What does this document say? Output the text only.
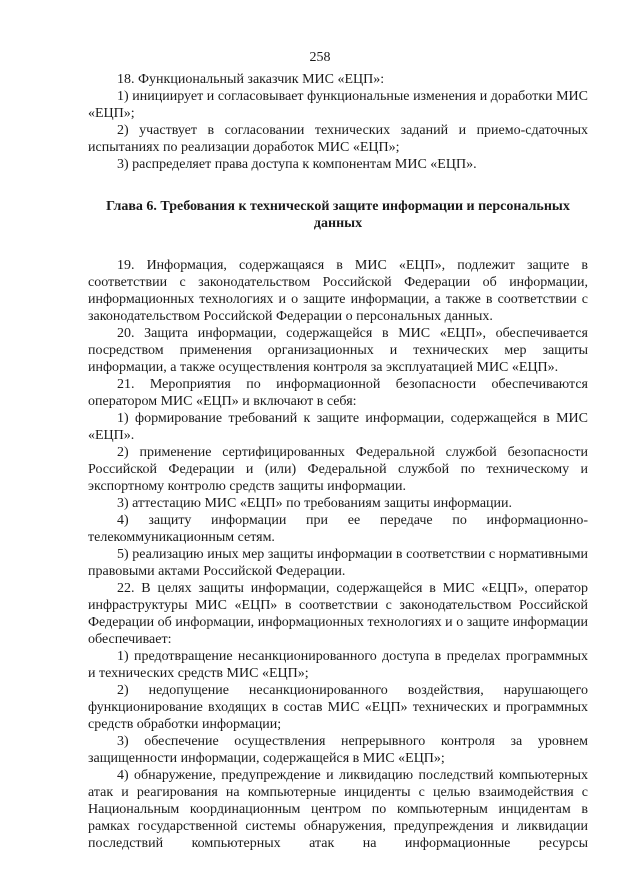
258

18. Функциональный заказчик МИС «ЕЦП»:

1) инициирует и согласовывает функциональные изменения и доработки МИС «ЕЦП»;

2) участвует в согласовании технических заданий и приемо-сдаточных испытаниях по реализации доработок МИС «ЕЦП»;

3) распределяет права доступа к компонентам МИС «ЕЦП».

Глава 6. Требования к технической защите информации и персональных данных

19. Информация, содержащаяся в МИС «ЕЦП», подлежит защите в соответствии с законодательством Российской Федерации об информации, информационных технологиях и о защите информации, а также в соответствии с законодательством Российской Федерации о персональных данных.

20. Защита информации, содержащейся в МИС «ЕЦП», обеспечивается посредством применения организационных и технических мер защиты информации, а также осуществления контроля за эксплуатацией МИС «ЕЦП».

21. Мероприятия по информационной безопасности обеспечиваются оператором МИС «ЕЦП» и включают в себя:

1) формирование требований к защите информации, содержащейся в МИС «ЕЦП».

2) применение сертифицированных Федеральной службой безопасности Российской Федерации и (или) Федеральной службой по техническому и экспортному контролю средств защиты информации.

3) аттестацию МИС «ЕЦП» по требованиям защиты информации.

4) защиту информации при ее передаче по информационно-телекоммуникационным сетям.

5) реализацию иных мер защиты информации в соответствии с нормативными правовыми актами Российской Федерации.

22. В целях защиты информации, содержащейся в МИС «ЕЦП», оператор инфраструктуры МИС «ЕЦП» в соответствии с законодательством Российской Федерации об информации, информационных технологиях и о защите информации обеспечивает:

1) предотвращение несанкционированного доступа в пределах программных и технических средств МИС «ЕЦП»;

2) недопущение несанкционированного воздействия, нарушающего функционирование входящих в состав МИС «ЕЦП» технических и программных средств обработки информации;

3) обеспечение осуществления непрерывного контроля за уровнем защищенности информации, содержащейся в МИС «ЕЦП»;

4) обнаружение, предупреждение и ликвидацию последствий компьютерных атак и реагирования на компьютерные инциденты с целью взаимодействия с Национальным координационным центром по компьютерным инцидентам в рамках государственной системы обнаружения, предупреждения и ликвидации последствий компьютерных атак на информационные ресурсы
